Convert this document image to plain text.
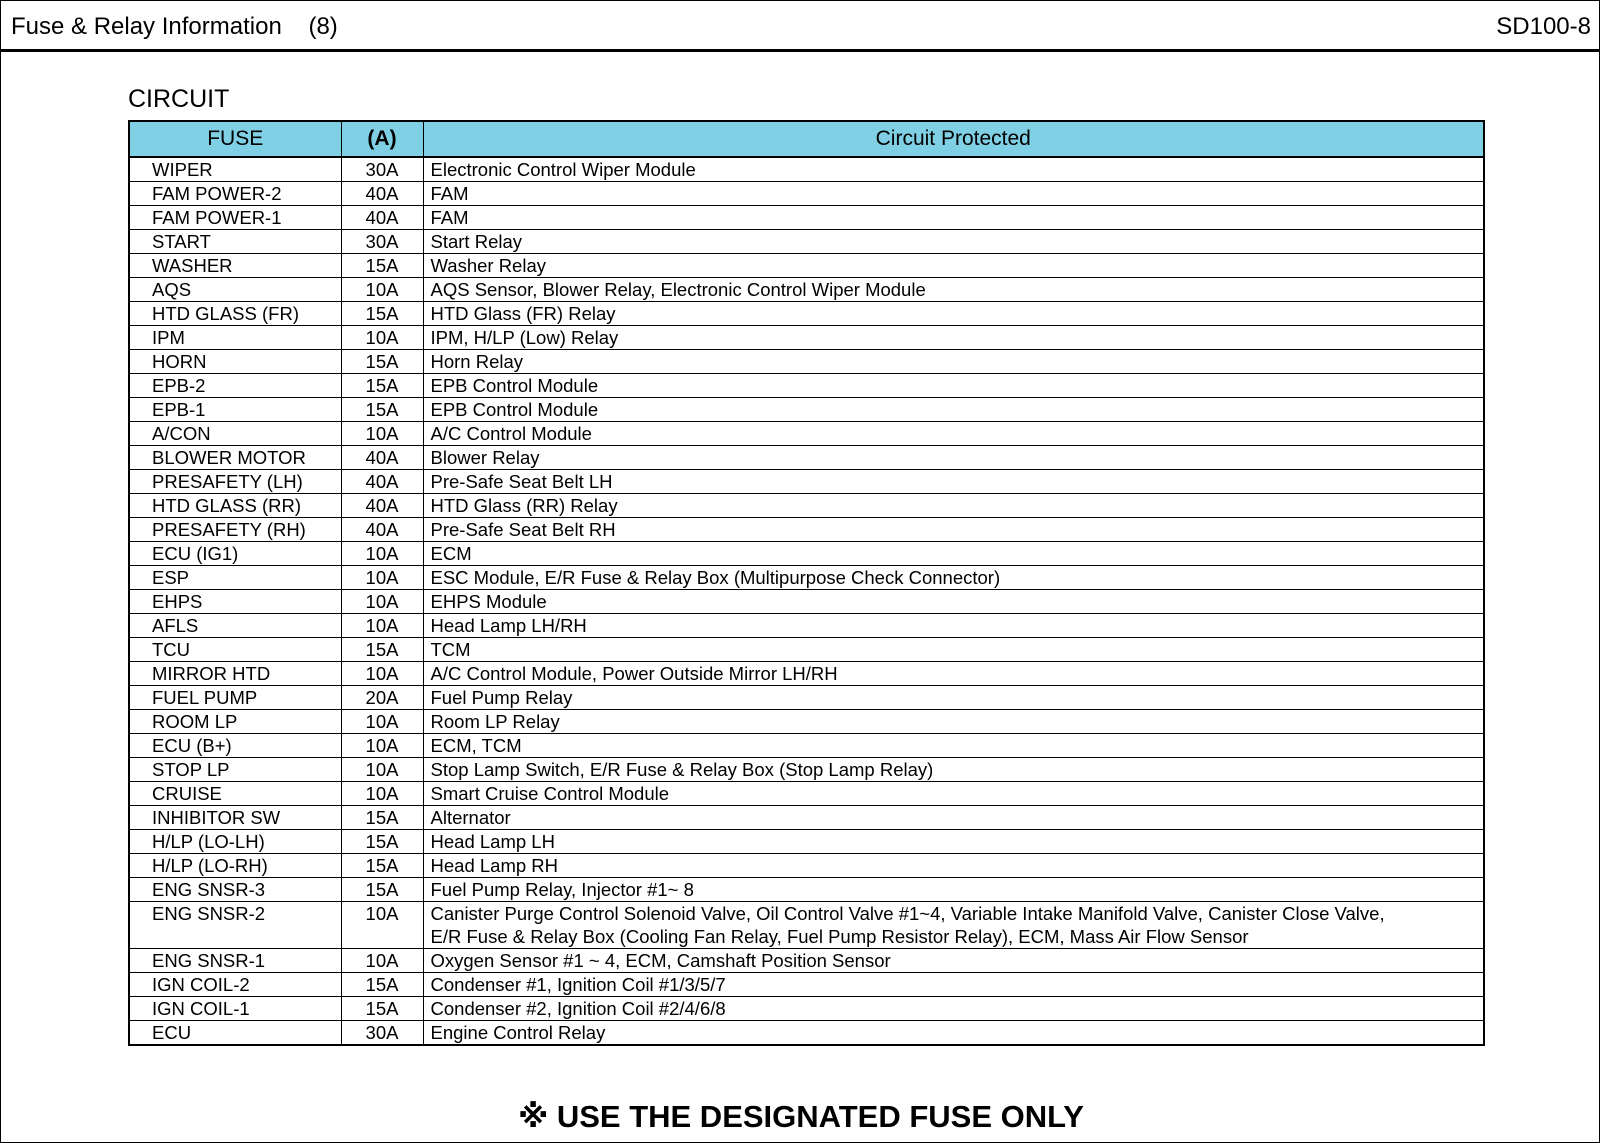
Fuse & Relay Information    (8)	SD100-8
CIRCUIT
FUSE	(A)	Circuit Protected
WIPER	30A	Electronic Control Wiper Module
FAM POWER-2	40A	FAM
FAM POWER-1	40A	FAM
START	30A	Start Relay
WASHER	15A	Washer Relay
AQS	10A	AQS Sensor, Blower Relay, Electronic Control Wiper Module
HTD GLASS (FR)	15A	HTD Glass (FR) Relay
IPM	10A	IPM, H/LP (Low) Relay
HORN	15A	Horn Relay
EPB-2	15A	EPB Control Module
EPB-1	15A	EPB Control Module
A/CON	10A	A/C Control Module
BLOWER MOTOR	40A	Blower Relay
PRESAFETY (LH)	40A	Pre-Safe Seat Belt LH
HTD GLASS (RR)	40A	HTD Glass (RR) Relay
PRESAFETY (RH)	40A	Pre-Safe Seat Belt RH
ECU (IG1)	10A	ECM
ESP	10A	ESC Module, E/R Fuse & Relay Box (Multipurpose Check Connector)
EHPS	10A	EHPS Module
AFLS	10A	Head Lamp LH/RH
TCU	15A	TCM
MIRROR HTD	10A	A/C Control Module, Power Outside Mirror LH/RH
FUEL PUMP	20A	Fuel Pump Relay
ROOM LP	10A	Room LP Relay
ECU (B+)	10A	ECM, TCM
STOP LP	10A	Stop Lamp Switch, E/R Fuse & Relay Box (Stop Lamp Relay)
CRUISE	10A	Smart Cruise Control Module
INHIBITOR SW	15A	Alternator
H/LP (LO-LH)	15A	Head Lamp LH
H/LP (LO-RH)	15A	Head Lamp RH
ENG SNSR-3	15A	Fuel Pump Relay, Injector #1~ 8
ENG SNSR-2	10A	Canister Purge Control Solenoid Valve, Oil Control Valve #1~4, Variable Intake Manifold Valve, Canister Close Valve,
E/R Fuse & Relay Box (Cooling Fan Relay, Fuel Pump Resistor Relay), ECM, Mass Air Flow Sensor

ENG SNSR-1	10A	Oxygen Sensor #1 ~ 4, ECM, Camshaft Position Sensor
IGN COIL-2	15A	Condenser #1, Ignition Coil #1/3/5/7
IGN COIL-1	15A	Condenser #2, Ignition Coil #2/4/6/8
ECU	30A	Engine Control Relay
※ USE THE DESIGNATED FUSE ONLY
